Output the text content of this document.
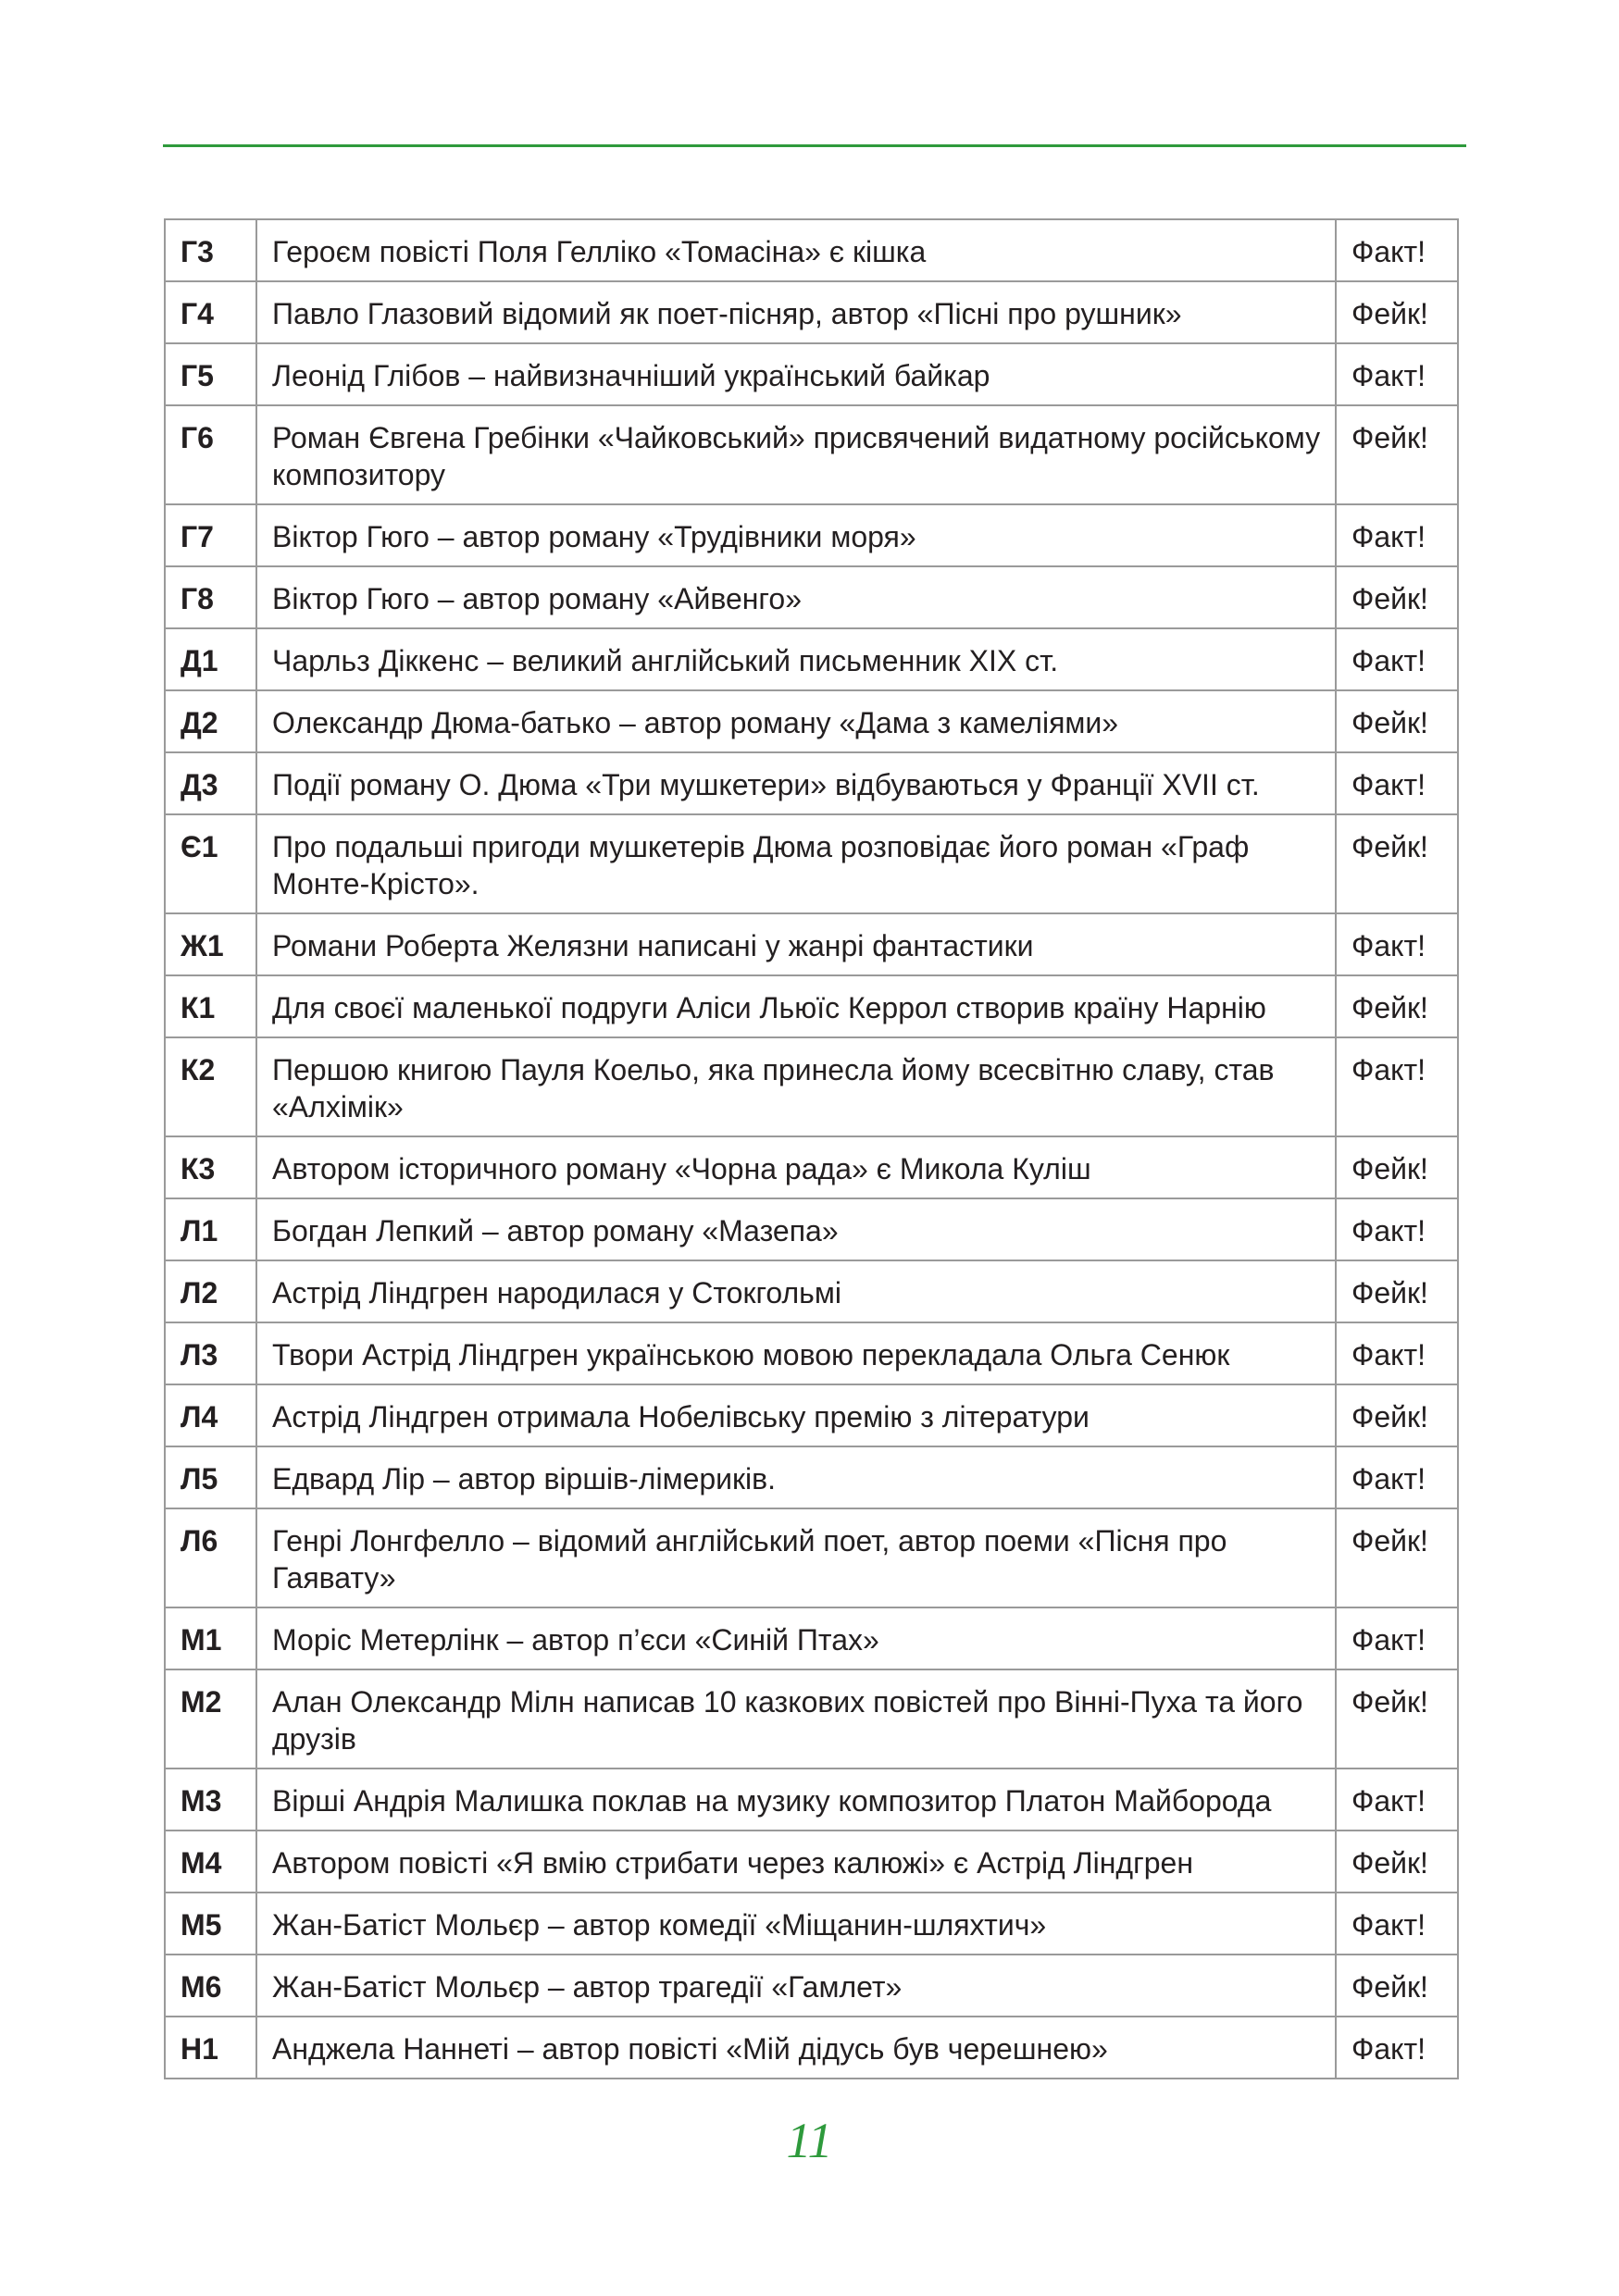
Г3	Героєм повісті Поля Гелліко «Томасіна» є кішка	Факт!
Г4	Павло Глазовий відомий як поет-пісняр, автор «Пісні про рушник»	Фейк!
Г5	Леонід Глібов – найвизначніший український байкар	Факт!
Г6	Роман Євгена Гребінки «Чайковський» присвячений видатному російському композитору	Фейк!
Г7	Віктор Гюго – автор роману «Трудівники моря»	Факт!
Г8	Віктор Гюго – автор роману «Айвенго»	Фейк!
Д1	Чарльз Діккенс – великий англійський письменник XIX ст.	Факт!
Д2	Олександр Дюма-батько – автор роману «Дама з камеліями»	Фейк!
Д3	Події роману О. Дюма «Три мушкетери» відбуваються у Франції XVII ст.	Факт!
Є1	Про подальші пригоди мушкетерів Дюма розповідає його роман «Граф Монте-Крісто».	Фейк!
Ж1	Романи Роберта Желязни написані у жанрі фантастики	Факт!
К1	Для своєї маленької подруги Аліси Льюїс Керрол створив країну Нарнію	Фейк!
К2	Першою книгою Пауля Коельо, яка принесла йому всесвітню славу, став «Алхімік»	Факт!
К3	Автором історичного роману «Чорна рада» є Микола Куліш	Фейк!
Л1	Богдан Лепкий – автор роману «Мазепа»	Факт!
Л2	Астрід Ліндгрен народилася у Стокгольмі	Фейк!
Л3	Твори Астрід Ліндгрен українською мовою перекладала Ольга Сенюк	Факт!
Л4	Астрід Ліндгрен отримала Нобелівську премію з літератури	Фейк!
Л5	Едвард Лір – автор віршів-лімериків.	Факт!
Л6	Генрі Лонгфелло – відомий англійський поет, автор поеми «Пісня про Гаявату»	Фейк!
М1	Моріс Метерлінк – автор п’єси «Синій Птах»	Факт!
М2	Алан Олександр Мілн написав 10 казкових повістей про Вінні-Пуха та його друзів	Фейк!
М3	Вірші Андрія Малишка поклав на музику композитор Платон Майборода	Факт!
М4	Автором повісті «Я вмію стрибати через калюжі» є Астрід Ліндгрен	Фейк!
М5	Жан-Батіст Мольєр – автор комедії «Міщанин-шляхтич»	Факт!
М6	Жан-Батіст Мольєр – автор трагедії «Гамлет»	Фейк!
Н1	Анджела Наннеті – автор повісті «Мій дідусь був черешнею»	Факт!
11
